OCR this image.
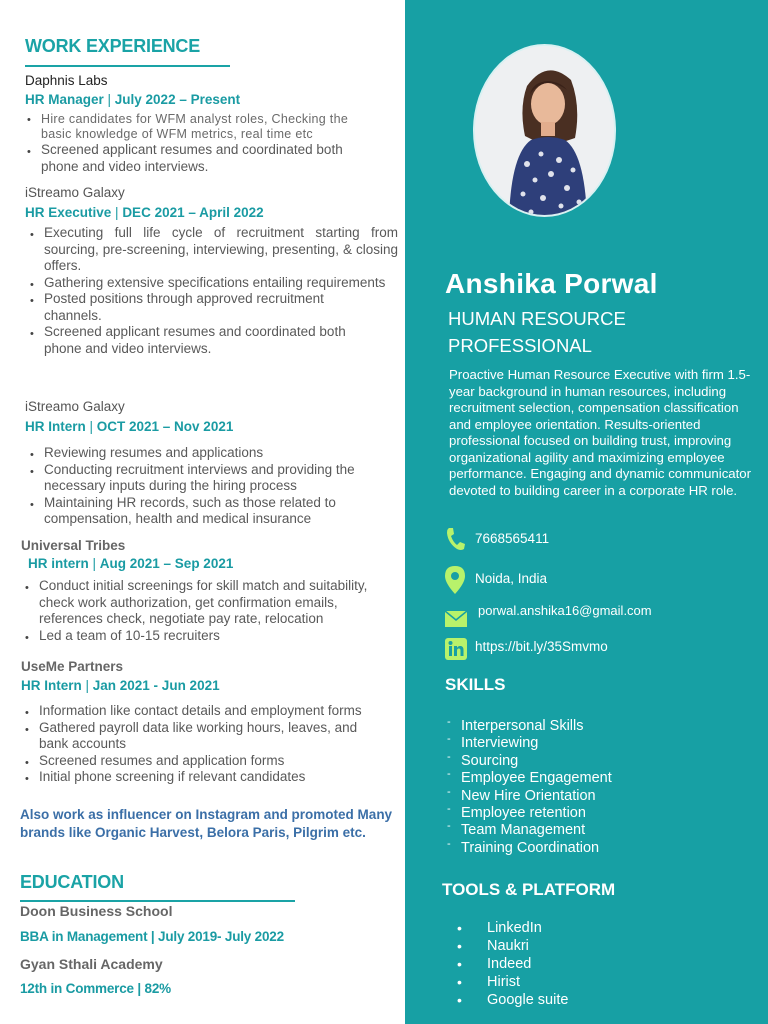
WORK EXPERIENCE
Daphnis Labs
HR Manager | July 2022 – Present
• Hire candidates for WFM analyst roles, Checking the basic knowledge of WFM metrics, real time etc
• Screened applicant resumes and coordinated both phone and video interviews.
iStreamo Galaxy
HR Executive | DEC 2021 – April 2022
• Executing full life cycle of recruitment starting from sourcing, pre-screening, interviewing, presenting, & closing offers.
• Gathering extensive specifications entailing requirements
• Posted positions through approved recruitment channels.
• Screened applicant resumes and coordinated both phone and video interviews.
iStreamo Galaxy
HR Intern | OCT 2021 – Nov 2021
• Reviewing resumes and applications
• Conducting recruitment interviews and providing the necessary inputs during the hiring process
• Maintaining HR records, such as those related to compensation, health and medical insurance
Universal Tribes
HR intern | Aug 2021 – Sep 2021
• Conduct initial screenings for skill match and suitability, check work authorization, get confirmation emails, references check, negotiate pay rate, relocation
• Led a team of 10-15 recruiters
UseMe Partners
HR Intern | Jan 2021 - Jun 2021
• Information like contact details and employment forms
• Gathered payroll data like working hours, leaves, and bank accounts
• Screened resumes and application forms
• Initial phone screening if relevant candidates
Also work as influencer on Instagram and promoted Many brands like Organic Harvest, Belora Paris, Pilgrim etc.
EDUCATION
Doon Business School
BBA in Management | July 2019- July 2022
Gyan Sthali Academy
12th in Commerce | 82%
Anshika Porwal
HUMAN RESOURCE
PROFESSIONAL
Proactive Human Resource Executive with firm 1.5-year background in human resources, including recruitment selection, compensation classification and employee orientation. Results-oriented professional focused on building trust, improving organizational agility and maximizing employee performance. Engaging and dynamic communicator devoted to building career in a corporate HR role.
7668565411
Noida, India
porwal.anshika16@gmail.com
https://bit.ly/35Smvmo
SKILLS
- Interpersonal Skills
- Interviewing
- Sourcing
- Employee Engagement
- New Hire Orientation
- Employee retention
- Team Management
- Training Coordination
TOOLS & PLATFORM
• LinkedIn
• Naukri
• Indeed
• Hirist
• Google suite
